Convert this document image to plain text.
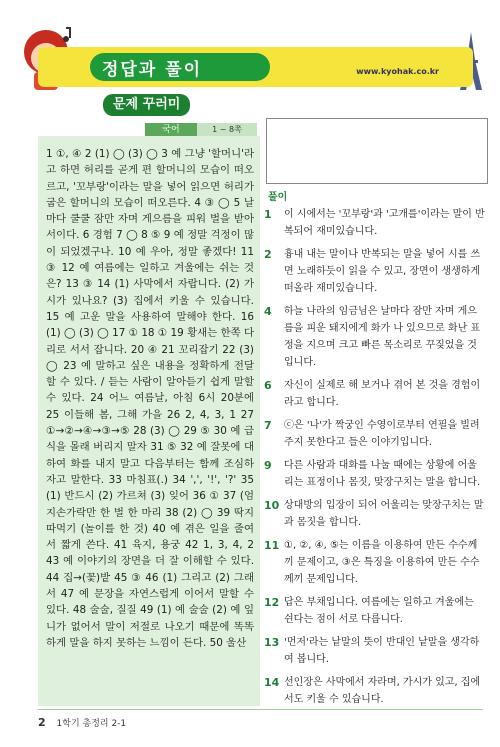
정답과 풀이	www.kyohak.co.kr
문제 꾸러미
국어	1 ~ 8쪽
1 ①, ④ 2 (1) ◯ (3) ◯ 3 예 그냥 '할머니'라고 하면 허리를 곧게 편 할머니의 모습이 떠오르고, '꼬부랑'이라는 말을 넣어 읽으면 허리가 굽은 할머니의 모습이 떠오른다. 4 ③ ◯ 5 날마다 쿨쿨 잠만 자며 게으름을 피워 벌을 받아서이다. 6 경험 7 ◯ 8 ⑤ 9 예 정말 걱정이 많이 되었겠구나. 10 예 우아, 정말 좋겠다! 11 ③ 12 예 여름에는 일하고 겨울에는 쉬는 것은? 13 ③ 14 (1) 사막에서 자랍니다. (2) 가시가 있나요? (3) 집에서 키울 수 있습니다. 15 예 고운 말을 사용하여 말해야 한다. 16 (1) ◯ (3) ◯ 17 ① 18 ① 19 황새는 한쪽 다리로 서서 잡니다. 20 ④ 21 꼬리잡기 22 (3) ◯ 23 예 말하고 싶은 내용을 정확하게 전달할 수 있다. / 듣는 사람이 알아듣기 쉽게 말할 수 있다. 24 어느 여름날, 아침 6시 20분에 25 이들해 봄, 그해 가을 26 2, 4, 3, 1 27 ①→②→④→③→⑤ 28 (3) ◯ 29 ⑤ 30 예 급식을 몰래 버리지 말자 31 ⑤ 32 예 잘못에 대하여 화를 내지 말고 다음부터는 함께 조심하자고 말한다. 33 마침표(.) 34 ',', '!', '?' 35 (1) 반드시 (2) 가르쳐 (3) 잊어 36 ① 37 (엄지손가락만 한 벌 한 마리 38 (2) ◯ 39 딱지 따먹기 (놀이를 한 것) 40 예 겪은 일을 줄여서 짧게 쓴다. 41 육지, 용궁 42 1, 3, 4, 2 43 예 이야기의 장면을 더 잘 이해할 수 있다. 44 집→(꽃)밭 45 ③ 46 (1) 그리고 (2) 그래서 47 예 문장을 자연스럽게 이어서 말할 수 있다. 48 술술, 질질 49 (1) 예 술술 (2) 예 잎니가 없어서 말이 저절로 나오기 때문에 똑똑하게 말을 하지 못하는 느낌이 든다. 50 울산
풀이
1 이 시에서는 '꼬부랑'과 '고개를'이라는 말이 반복되어 재미있습니다.
2 흉내 내는 말이나 반복되는 말을 넣어 시를 쓰면 노래하듯이 읽을 수 있고, 장면이 생생하게 떠올라 재미있습니다.
4 하늘 나라의 임금님은 날마다 잠만 자며 게으름을 피운 돼지에게 화가 나 있으므로 화난 표정을 지으며 크고 빠른 목소리로 꾸짖었을 것입니다.
6 자신이 실제로 해 보거나 겪어 본 것을 경험이라고 합니다.
7 ⓒ은 '나'가 짝궁인 수영이로부터 연필을 빌려 주지 못한다고 들은 이야기입니다.
9 다른 사람과 대화를 나눌 때에는 상황에 어울리는 표정이나 몸짓, 맞장구치는 말을 합니다.
10 상대방의 입장이 되어 어울리는 맞장구치는 말과 몸짓을 합니다.
11 ①, ②, ④, ⑤는 이름을 이용하여 만든 수수께끼 문제이고, ③은 특징을 이용하여 만든 수수께끼 문제입니다.
12 답은 부채입니다. 여름에는 일하고 겨울에는 쉰다는 점이 서로 다릅니다.
13 '먼저'라는 낱말의 뜻이 반대인 낱말을 생각하여 봅니다.
14 선인장은 사막에서 자라며, 가시가 있고, 집에서도 키울 수 있습니다.
2 1학기 총정리 2-1
